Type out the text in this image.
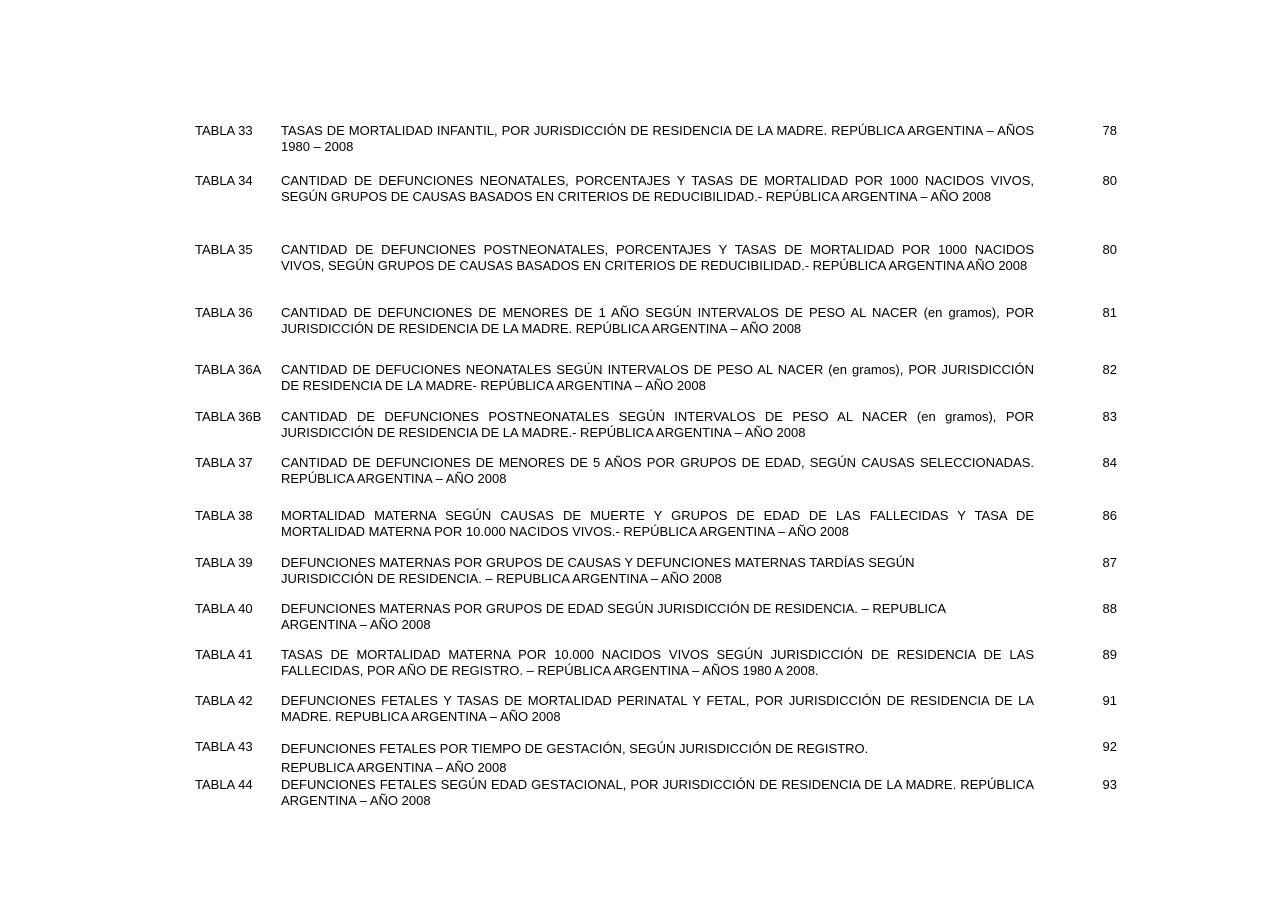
TABLA 33 TASAS DE MORTALIDAD INFANTIL, POR JURISDICCIÓN DE RESIDENCIA DE LA MADRE. REPÚBLICA ARGENTINA – AÑOS 1980 – 2008
78
TABLA 34 CANTIDAD DE DEFUNCIONES NEONATALES, PORCENTAJES Y TASAS DE MORTALIDAD POR 1000 NACIDOS VIVOS, SEGÚN GRUPOS DE CAUSAS BASADOS EN CRITERIOS DE REDUCIBILIDAD.- REPÚBLICA ARGENTINA – AÑO 2008
80
TABLA 35 CANTIDAD DE DEFUNCIONES POSTNEONATALES, PORCENTAJES Y TASAS DE MORTALIDAD POR 1000 NACIDOS VIVOS, SEGÚN GRUPOS DE CAUSAS BASADOS EN CRITERIOS DE REDUCIBILIDAD.- REPÚBLICA ARGENTINA AÑO 2008
80
TABLA 36 CANTIDAD DE DEFUNCIONES DE MENORES DE 1 AÑO SEGÚN INTERVALOS DE PESO AL NACER (en gramos), POR JURISDICCIÓN DE RESIDENCIA DE LA MADRE. REPÚBLICA ARGENTINA – AÑO 2008
81
TABLA 36A CANTIDAD DE DEFUCIONES NEONATALES SEGÚN INTERVALOS DE PESO AL NACER (en gramos), POR JURISDICCIÓN DE RESIDENCIA DE LA MADRE- REPÚBLICA ARGENTINA – AÑO 2008
82
TABLA 36B CANTIDAD DE DEFUNCIONES POSTNEONATALES SEGÚN INTERVALOS DE PESO AL NACER (en gramos), POR JURISDICCIÓN DE RESIDENCIA DE LA MADRE.- REPÚBLICA ARGENTINA – AÑO 2008
83
TABLA 37 CANTIDAD DE DEFUNCIONES DE MENORES DE 5 AÑOS POR GRUPOS DE EDAD, SEGÚN CAUSAS SELECCIONADAS. REPÚBLICA ARGENTINA – AÑO 2008
84
TABLA 38 MORTALIDAD MATERNA SEGÚN CAUSAS DE MUERTE Y GRUPOS DE EDAD DE LAS FALLECIDAS Y TASA DE MORTALIDAD MATERNA POR 10.000 NACIDOS VIVOS.- REPÚBLICA ARGENTINA – AÑO 2008
86
TABLA 39 DEFUNCIONES MATERNAS POR GRUPOS DE CAUSAS Y DEFUNCIONES MATERNAS TARDÍAS SEGÚN
JURISDICCIÓN DE RESIDENCIA. – REPUBLICA ARGENTINA – AÑO 2008
87
TABLA 40 DEFUNCIONES MATERNAS POR GRUPOS DE EDAD SEGÚN JURISDICCIÓN DE RESIDENCIA. – REPUBLICA
ARGENTINA – AÑO 2008
88
TABLA 41 TASAS DE MORTALIDAD MATERNA POR 10.000 NACIDOS VIVOS SEGÚN JURISDICCIÓN DE RESIDENCIA DE LAS FALLECIDAS, POR AÑO DE REGISTRO. – REPÚBLICA ARGENTINA – AÑOS 1980 A 2008.
89
TABLA 42 DEFUNCIONES FETALES Y TASAS DE MORTALIDAD PERINATAL Y FETAL, POR JURISDICCIÓN DE RESIDENCIA DE LA MADRE. REPUBLICA ARGENTINA – AÑO 2008
91
TABLA 43 DEFUNCIONES FETALES POR TIEMPO DE GESTACIÓN, SEGÚN JURISDICCIÓN DE REGISTRO.
REPUBLICA ARGENTINA – AÑO 2008
92
TABLA 44 DEFUNCIONES FETALES SEGÚN EDAD GESTACIONAL, POR JURISDICCIÓN DE RESIDENCIA DE LA MADRE. REPÚBLICA ARGENTINA – AÑO 2008
93
